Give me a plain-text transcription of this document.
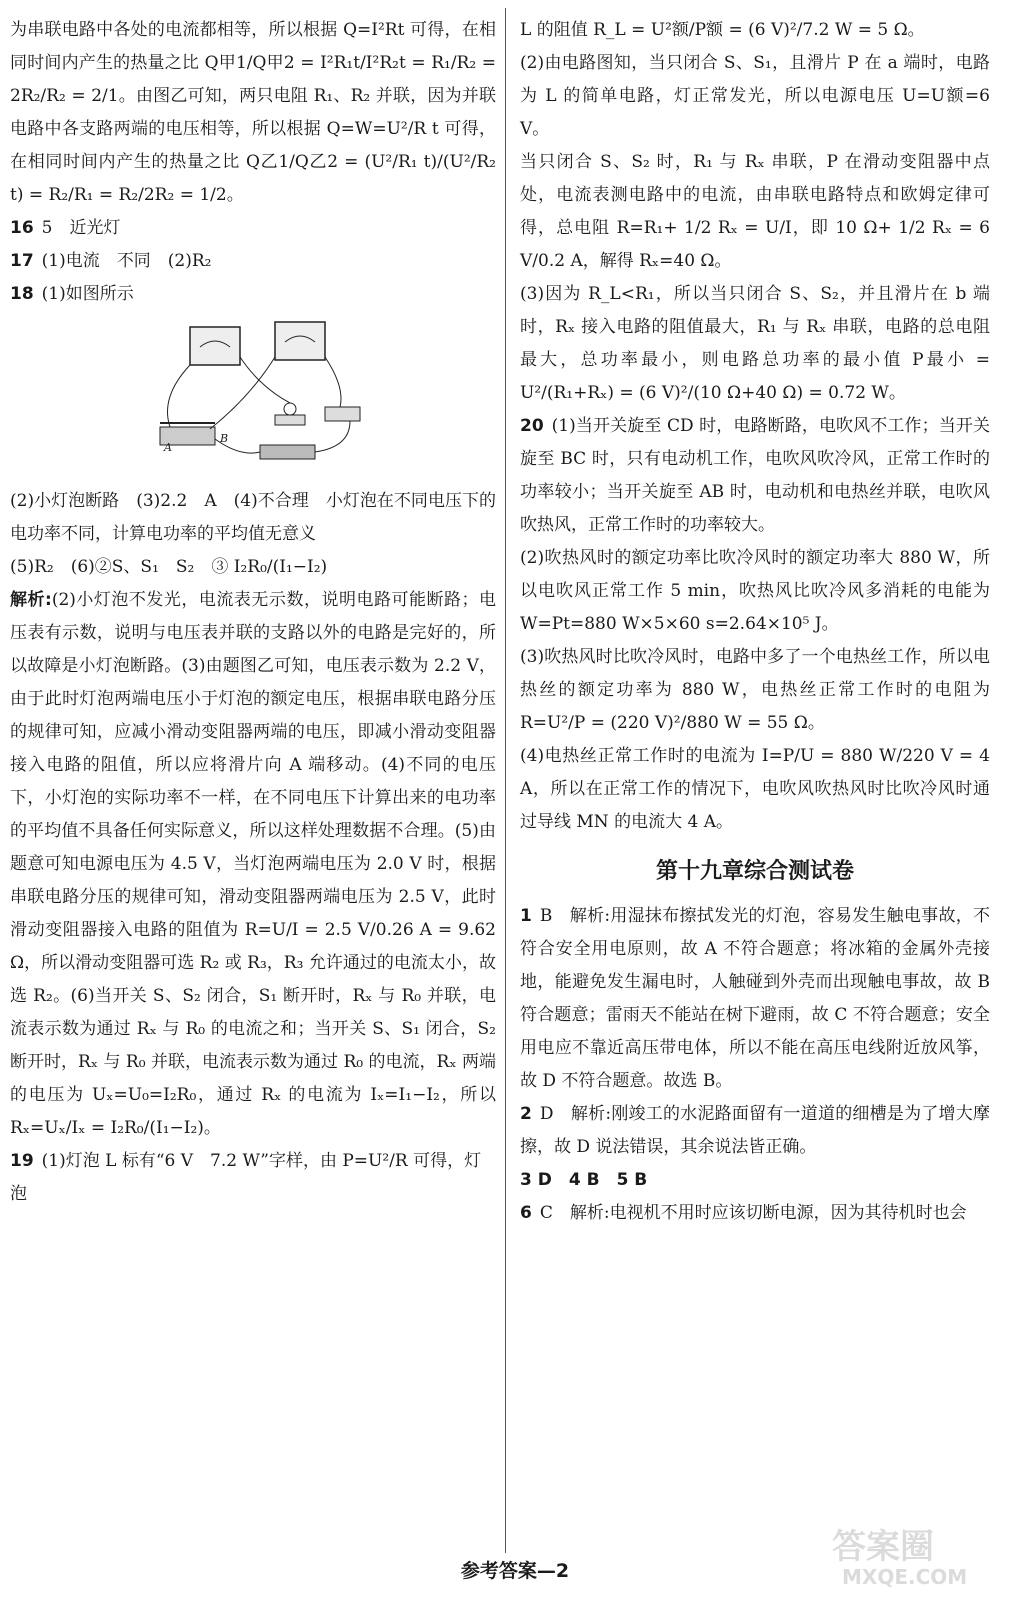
为串联电路中各处的电流都相等，所以根据 Q=I²Rt 可得，在相同时间内产生的热量之比 Q甲1/Q甲2 = I²R₁t/I²R₂t = R₁/R₂ = 2R₂/R₂ = 2/1。由图乙可知，两只电阻 R₁、R₂ 并联，因为并联电路中各支路两端的电压相等，所以根据 Q=W=U²/R t 可得，在相同时间内产生的热量之比 Q乙1/Q乙2 = (U²/R₁ t)/(U²/R₂ t) = R₂/R₁ = R₂/2R₂ = 1/2。

16 5　近光灯

17 (1)电流　不同　(2)R₂

18 (1)如图所示

B
A

(2)小灯泡断路　(3)2.2　A　(4)不合理　小灯泡在不同电压下的电功率不同，计算电功率的平均值无意义

(5)R₂　(6)②S、S₁　S₂　③ I₂R₀/(I₁−I₂)

解析:(2)小灯泡不发光，电流表无示数，说明电路可能断路；电压表有示数，说明与电压表并联的支路以外的电路是完好的，所以故障是小灯泡断路。(3)由题图乙可知，电压表示数为 2.2 V，由于此时灯泡两端电压小于灯泡的额定电压，根据串联电路分压的规律可知，应减小滑动变阻器两端的电压，即减小滑动变阻器接入电路的阻值，所以应将滑片向 A 端移动。(4)不同的电压下，小灯泡的实际功率不一样，在不同电压下计算出来的电功率的平均值不具备任何实际意义，所以这样处理数据不合理。(5)由题意可知电源电压为 4.5 V，当灯泡两端电压为 2.0 V 时，根据串联电路分压的规律可知，滑动变阻器两端电压为 2.5 V，此时滑动变阻器接入电路的阻值为 R=U/I = 2.5 V/0.26 A = 9.62 Ω，所以滑动变阻器可选 R₂ 或 R₃，R₃ 允许通过的电流太小，故选 R₂。(6)当开关 S、S₂ 闭合，S₁ 断开时，Rₓ 与 R₀ 并联，电流表示数为通过 Rₓ 与 R₀ 的电流之和；当开关 S、S₁ 闭合，S₂ 断开时，Rₓ 与 R₀ 并联，电流表示数为通过 R₀ 的电流，Rₓ 两端的电压为 Uₓ=U₀=I₂R₀，通过 Rₓ 的电流为 Iₓ=I₁−I₂，所以 Rₓ=Uₓ/Iₓ = I₂R₀/(I₁−I₂)。

19 (1)灯泡 L 标有“6 V　7.2 W”字样，由 P=U²/R 可得，灯泡

L 的阻值 R_L = U²额/P额 = (6 V)²/7.2 W = 5 Ω。

(2)由电路图知，当只闭合 S、S₁，且滑片 P 在 a 端时，电路为 L 的简单电路，灯正常发光，所以电源电压 U=U额=6 V。

当只闭合 S、S₂ 时，R₁ 与 Rₓ 串联，P 在滑动变阻器中点处，电流表测电路中的电流，由串联电路特点和欧姆定律可得，总电阻 R=R₁+ 1/2 Rₓ = U/I，即 10 Ω+ 1/2 Rₓ = 6 V/0.2 A，解得 Rₓ=40 Ω。

(3)因为 R_L<R₁，所以当只闭合 S、S₂，并且滑片在 b 端时，Rₓ 接入电路的阻值最大，R₁ 与 Rₓ 串联，电路的总电阻最大，总功率最小，则电路总功率的最小值 P最小 = U²/(R₁+Rₓ) = (6 V)²/(10 Ω+40 Ω) = 0.72 W。

20 (1)当开关旋至 CD 时，电路断路，电吹风不工作；当开关旋至 BC 时，只有电动机工作，电吹风吹冷风，正常工作时的功率较小；当开关旋至 AB 时，电动机和电热丝并联，电吹风吹热风，正常工作时的功率较大。

(2)吹热风时的额定功率比吹冷风时的额定功率大 880 W，所以电吹风正常工作 5 min，吹热风比吹冷风多消耗的电能为 W=Pt=880 W×5×60 s=2.64×10⁵ J。

(3)吹热风时比吹冷风时，电路中多了一个电热丝工作，所以电热丝的额定功率为 880 W，电热丝正常工作时的电阻为 R=U²/P = (220 V)²/880 W = 55 Ω。

(4)电热丝正常工作时的电流为 I=P/U = 880 W/220 V = 4 A，所以在正常工作的情况下，电吹风吹热风时比吹冷风时通过导线 MN 的电流大 4 A。

第十九章综合测试卷

1 B　解析:用湿抹布擦拭发光的灯泡，容易发生触电事故，不符合安全用电原则，故 A 不符合题意；将冰箱的金属外壳接地，能避免发生漏电时，人触碰到外壳而出现触电事故，故 B 符合题意；雷雨天不能站在树下避雨，故 C 不符合题意；安全用电应不靠近高压带电体，所以不能在高压电线附近放风筝，故 D 不符合题意。故选 B。

2 D　解析:刚竣工的水泥路面留有一道道的细槽是为了增大摩擦，故 D 说法错误，其余说法皆正确。

3 D　4 B　5 B

6 C　解析:电视机不用时应该切断电源，因为其待机时也会

参考答案—2
答案圈
MXQE.COM
